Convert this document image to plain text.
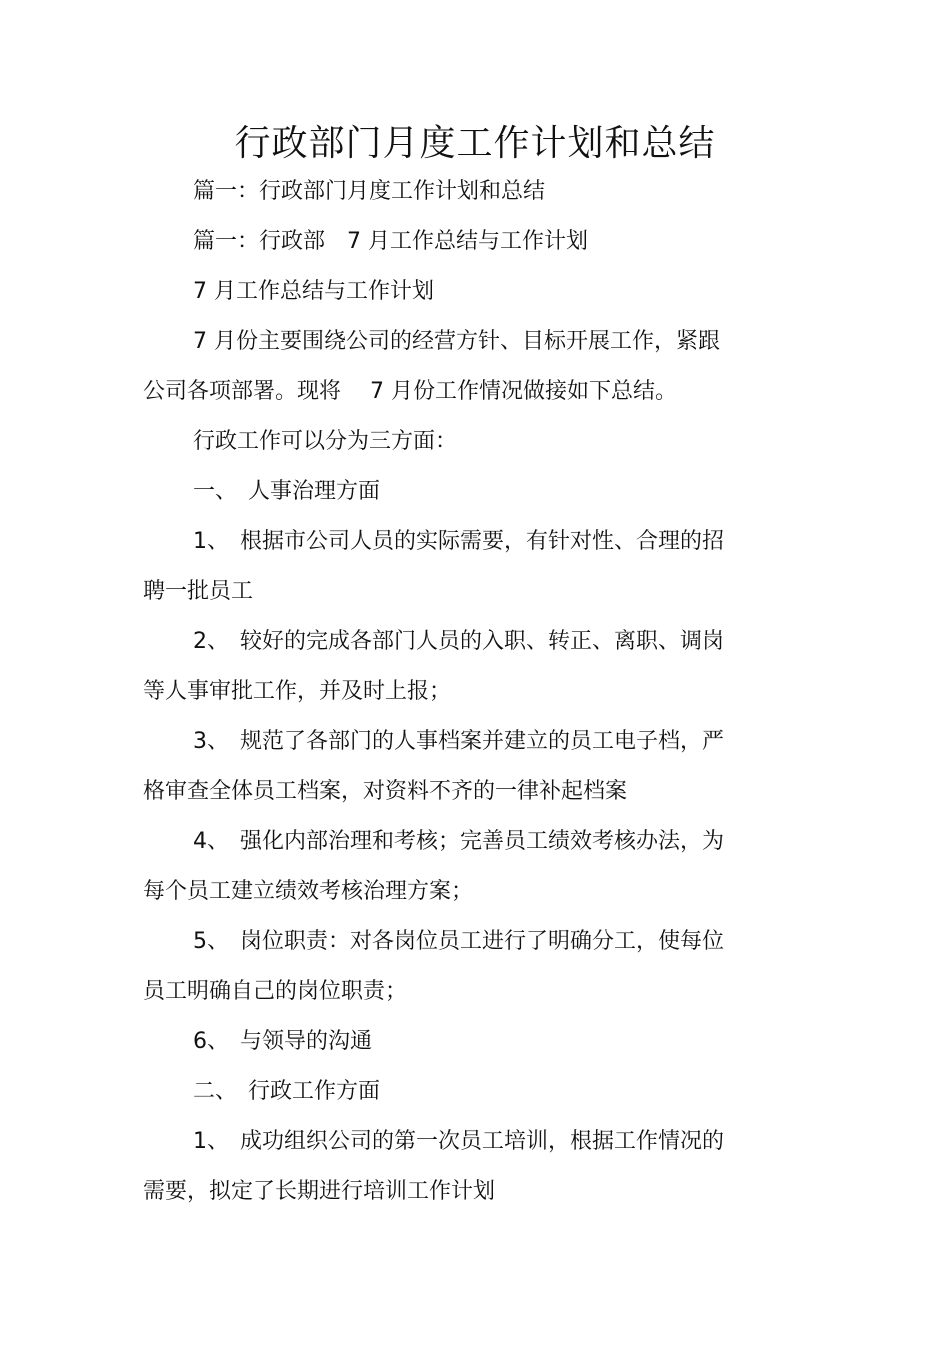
行政部门月度工作计划和总结
篇一：行政部门月度工作计划和总结
篇一：行政部　7 月工作总结与工作计划
7 月工作总结与工作计划
7 月份主要围绕公司的经营方针、目标开展工作，紧跟
公司各项部署。现将　 7 月份工作情况做接如下总结。
行政工作可以分为三方面：
一、　人事治理方面
1、　根据市公司人员的实际需要，有针对性、合理的招
聘一批员工
2、　较好的完成各部门人员的入职、转正、离职、调岗
等人事审批工作，并及时上报；
3、　规范了各部门的人事档案并建立的员工电子档，严
格审查全体员工档案，对资料不齐的一律补起档案
4、　强化内部治理和考核；完善员工绩效考核办法，为
每个员工建立绩效考核治理方案；
5、　岗位职责：对各岗位员工进行了明确分工，使每位
员工明确自己的岗位职责；
6、　与领导的沟通
二、　行政工作方面
1、　成功组织公司的第一次员工培训，根据工作情况的
需要，拟定了长期进行培训工作计划
